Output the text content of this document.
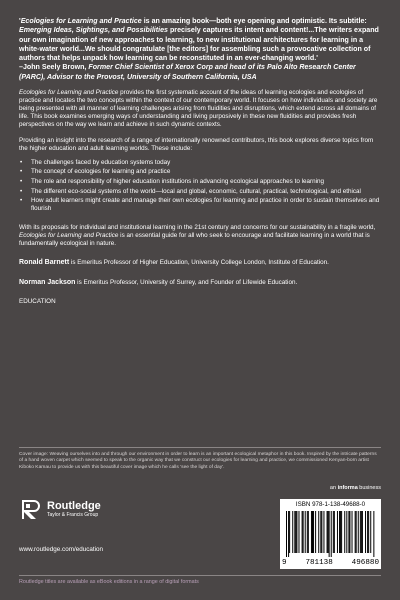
'Ecologies for Learning and Practice is an amazing book—both eye opening and optimistic. Its subtitle: Emerging Ideas, Sightings, and Possibilities precisely captures its intent and content!...The writers expand our own imagination of new approaches to learning, to new institutional architectures for learning in a white-water world...We should congratulate [the editors] for assembling such a provocative collection of authors that helps unpack how learning can be reconstituted in an ever-changing world.'
–John Seely Brown, Former Chief Scientist of Xerox Corp and head of its Palo Alto Research Center (PARC), Advisor to the Provost, University of Southern California, USA

Ecologies for Learning and Practice provides the first systematic account of the ideas of learning ecologies and ecologies of practice and locates the two concepts within the context of our contemporary world. It focuses on how individuals and society are being presented with all manner of learning challenges arising from fluidities and disruptions, which extend across all domains of life. This book examines emerging ways of understanding and living purposively in these new fluidities and provides fresh perspectives on the way we learn and achieve in such dynamic contexts.

Providing an insight into the research of a range of internationally renowned contributors, this book explores diverse topics from the higher education and adult learning worlds. These include:

• The challenges faced by education systems today
• The concept of ecologies for learning and practice
• The role and responsibility of higher education institutions in advancing ecological approaches to learning
• The different eco-social systems of the world—local and global, economic, cultural, practical, technological, and ethical
• How adult learners might create and manage their own ecologies for learning and practice in order to sustain themselves and flourish

With its proposals for individual and institutional learning in the 21st century and concerns for our sustainability in a fragile world, Ecologies for Learning and Practice is an essential guide for all who seek to encourage and facilitate learning in a world that is fundamentally ecological in nature.

Ronald Barnett is Emeritus Professor of Higher Education, University College London, Institute of Education.

Norman Jackson is Emeritus Professor, University of Surrey, and Founder of Lifewide Education.

EDUCATION

Cover image: Weaving ourselves into and through our environment in order to learn is an important ecological metaphor in this book. Inspired by the intricate patterns of a hand woven carpet which seemed to speak to the organic way that we construct our ecologies for learning and practice, we commissioned Kenyan-born artist Kiboko Kamau to provide us with this beautiful cover image which he calls 'see the light of day'.

an informa business
Routledge
Taylor & Francis Group
www.routledge.com/education
ISBN 978-1-138-49688-0
9 781138 496880
Routledge titles are available as eBook editions in a range of digital formats
